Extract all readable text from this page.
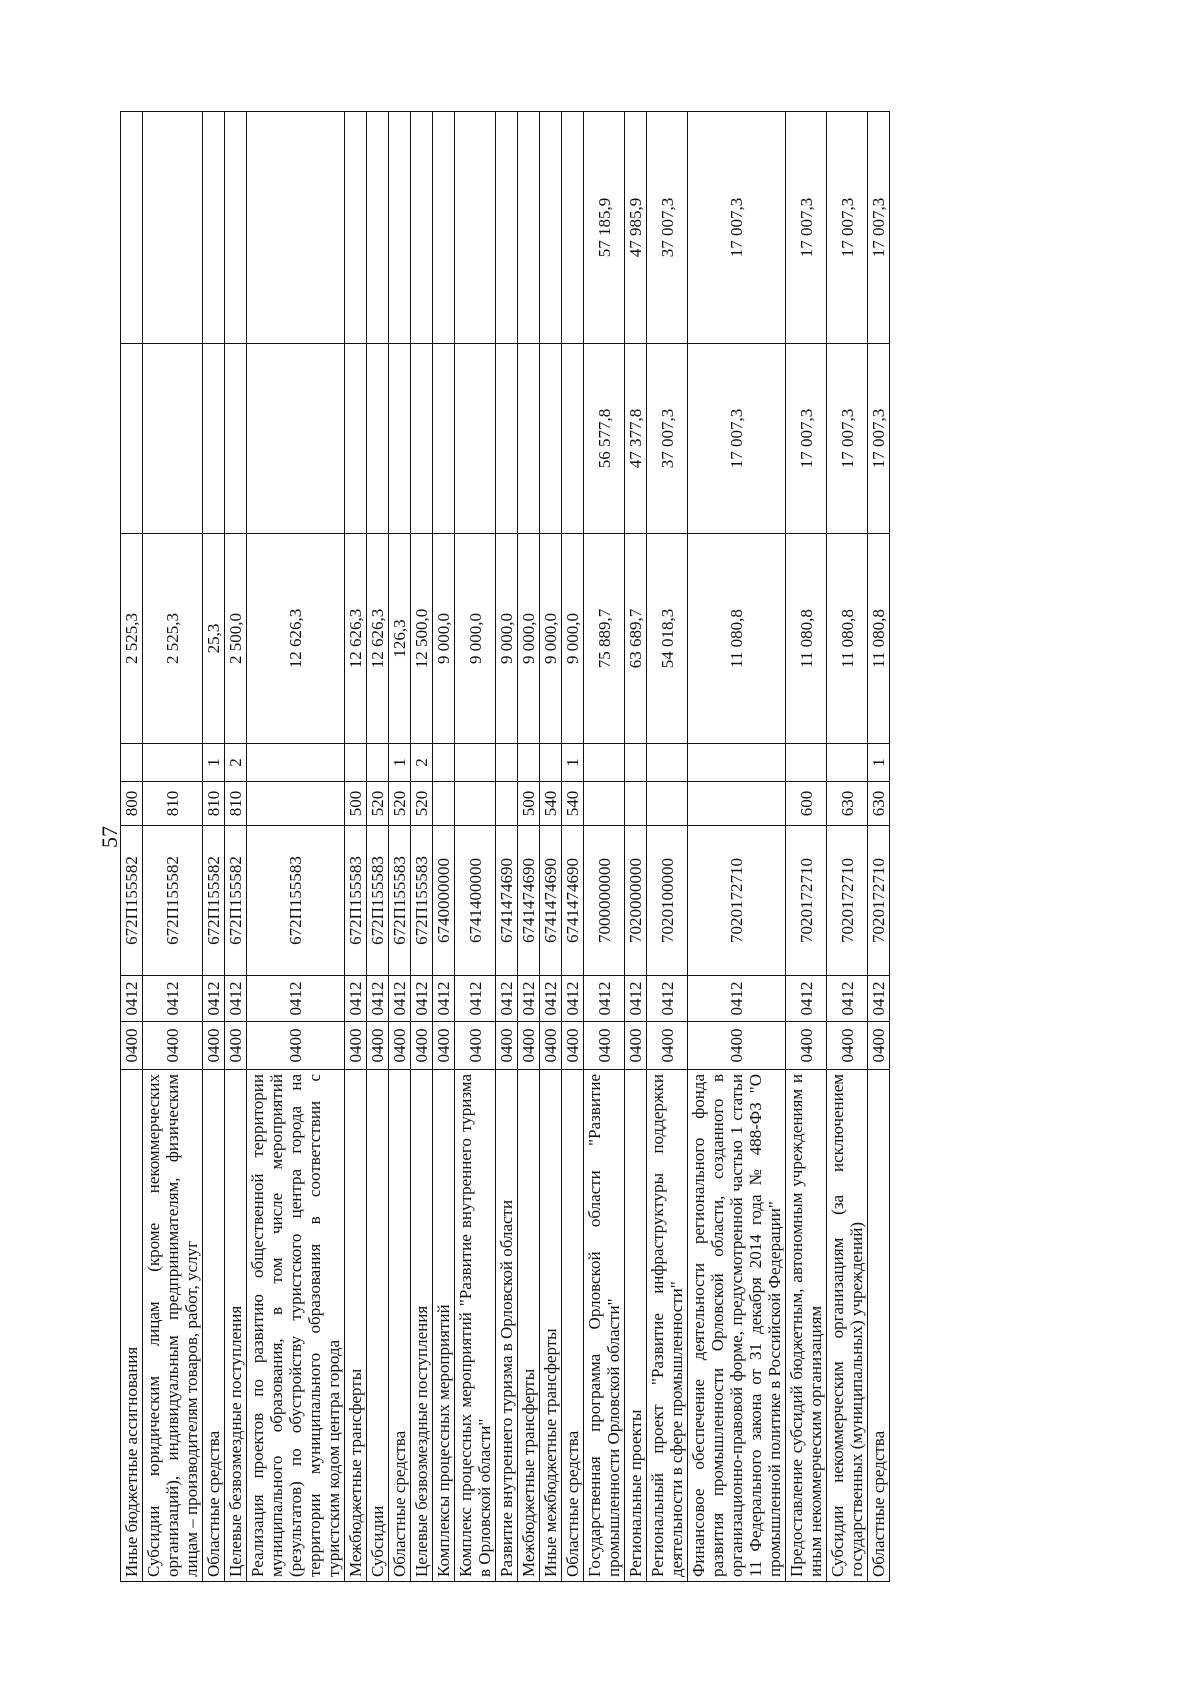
57
Иные бюджетные ассигнования	0400	0412	672П155582	800		2 525,3		
Субсидии юридическим лицам (кроме некоммерческих организаций), индивидуальным предпринимателям, физическим лицам – производителям товаров, работ, услуг	0400	0412	672П155582	810		2 525,3		
Областные средства	0400	0412	672П155582	810	1	25,3		
Целевые безвозмездные поступления	0400	0412	672П155582	810	2	2 500,0		
Реализация проектов по развитию общественной территории муниципального образования, в том числе мероприятий (результатов) по обустройству туристского центра города на территории муниципального образования в соответствии с туристским кодом центра города	0400	0412	672П155583			12 626,3		
Межбюджетные трансферты	0400	0412	672П155583	500		12 626,3		
Субсидии	0400	0412	672П155583	520		12 626,3		
Областные средства	0400	0412	672П155583	520	1	126,3		
Целевые безвозмездные поступления	0400	0412	672П155583	520	2	12 500,0		
Комплексы процессных мероприятий	0400	0412	6740000000			9 000,0		
Комплекс процессных мероприятий "Развитие внутреннего туризма в Орловской области"	0400	0412	6741400000			9 000,0		
Развитие внутреннего туризма в Орловской области	0400	0412	6741474690			9 000,0		
Межбюджетные трансферты	0400	0412	6741474690	500		9 000,0		
Иные межбюджетные трансферты	0400	0412	6741474690	540		9 000,0		
Областные средства	0400	0412	6741474690	540	1	9 000,0		
Государственная программа Орловской области "Развитие промышленности Орловской области"	0400	0412	7000000000			75 889,7	56 577,8	57 185,9
Региональные проекты	0400	0412	7020000000			63 689,7	47 377,8	47 985,9
Региональный проект "Развитие инфраструктуры поддержки деятельности в сфере промышленности"	0400	0412	7020100000			54 018,3	37 007,3	37 007,3
Финансовое обеспечение деятельности регионального фонда развития промышленности Орловской области, созданного в организационно-правовой форме, предусмотренной частью 1 статьи 11 Федерального закона от 31 декабря 2014 года № 488-ФЗ "О промышленной политике в Российской Федерации"	0400	0412	7020172710			11 080,8	17 007,3	17 007,3
Предоставление субсидий бюджетным, автономным учреждениям и иным некоммерческим организациям	0400	0412	7020172710	600		11 080,8	17 007,3	17 007,3
Субсидии некоммерческим организациям (за исключением государственных (муниципальных) учреждений)	0400	0412	7020172710	630		11 080,8	17 007,3	17 007,3
Областные средства	0400	0412	7020172710	630	1	11 080,8	17 007,3	17 007,3
